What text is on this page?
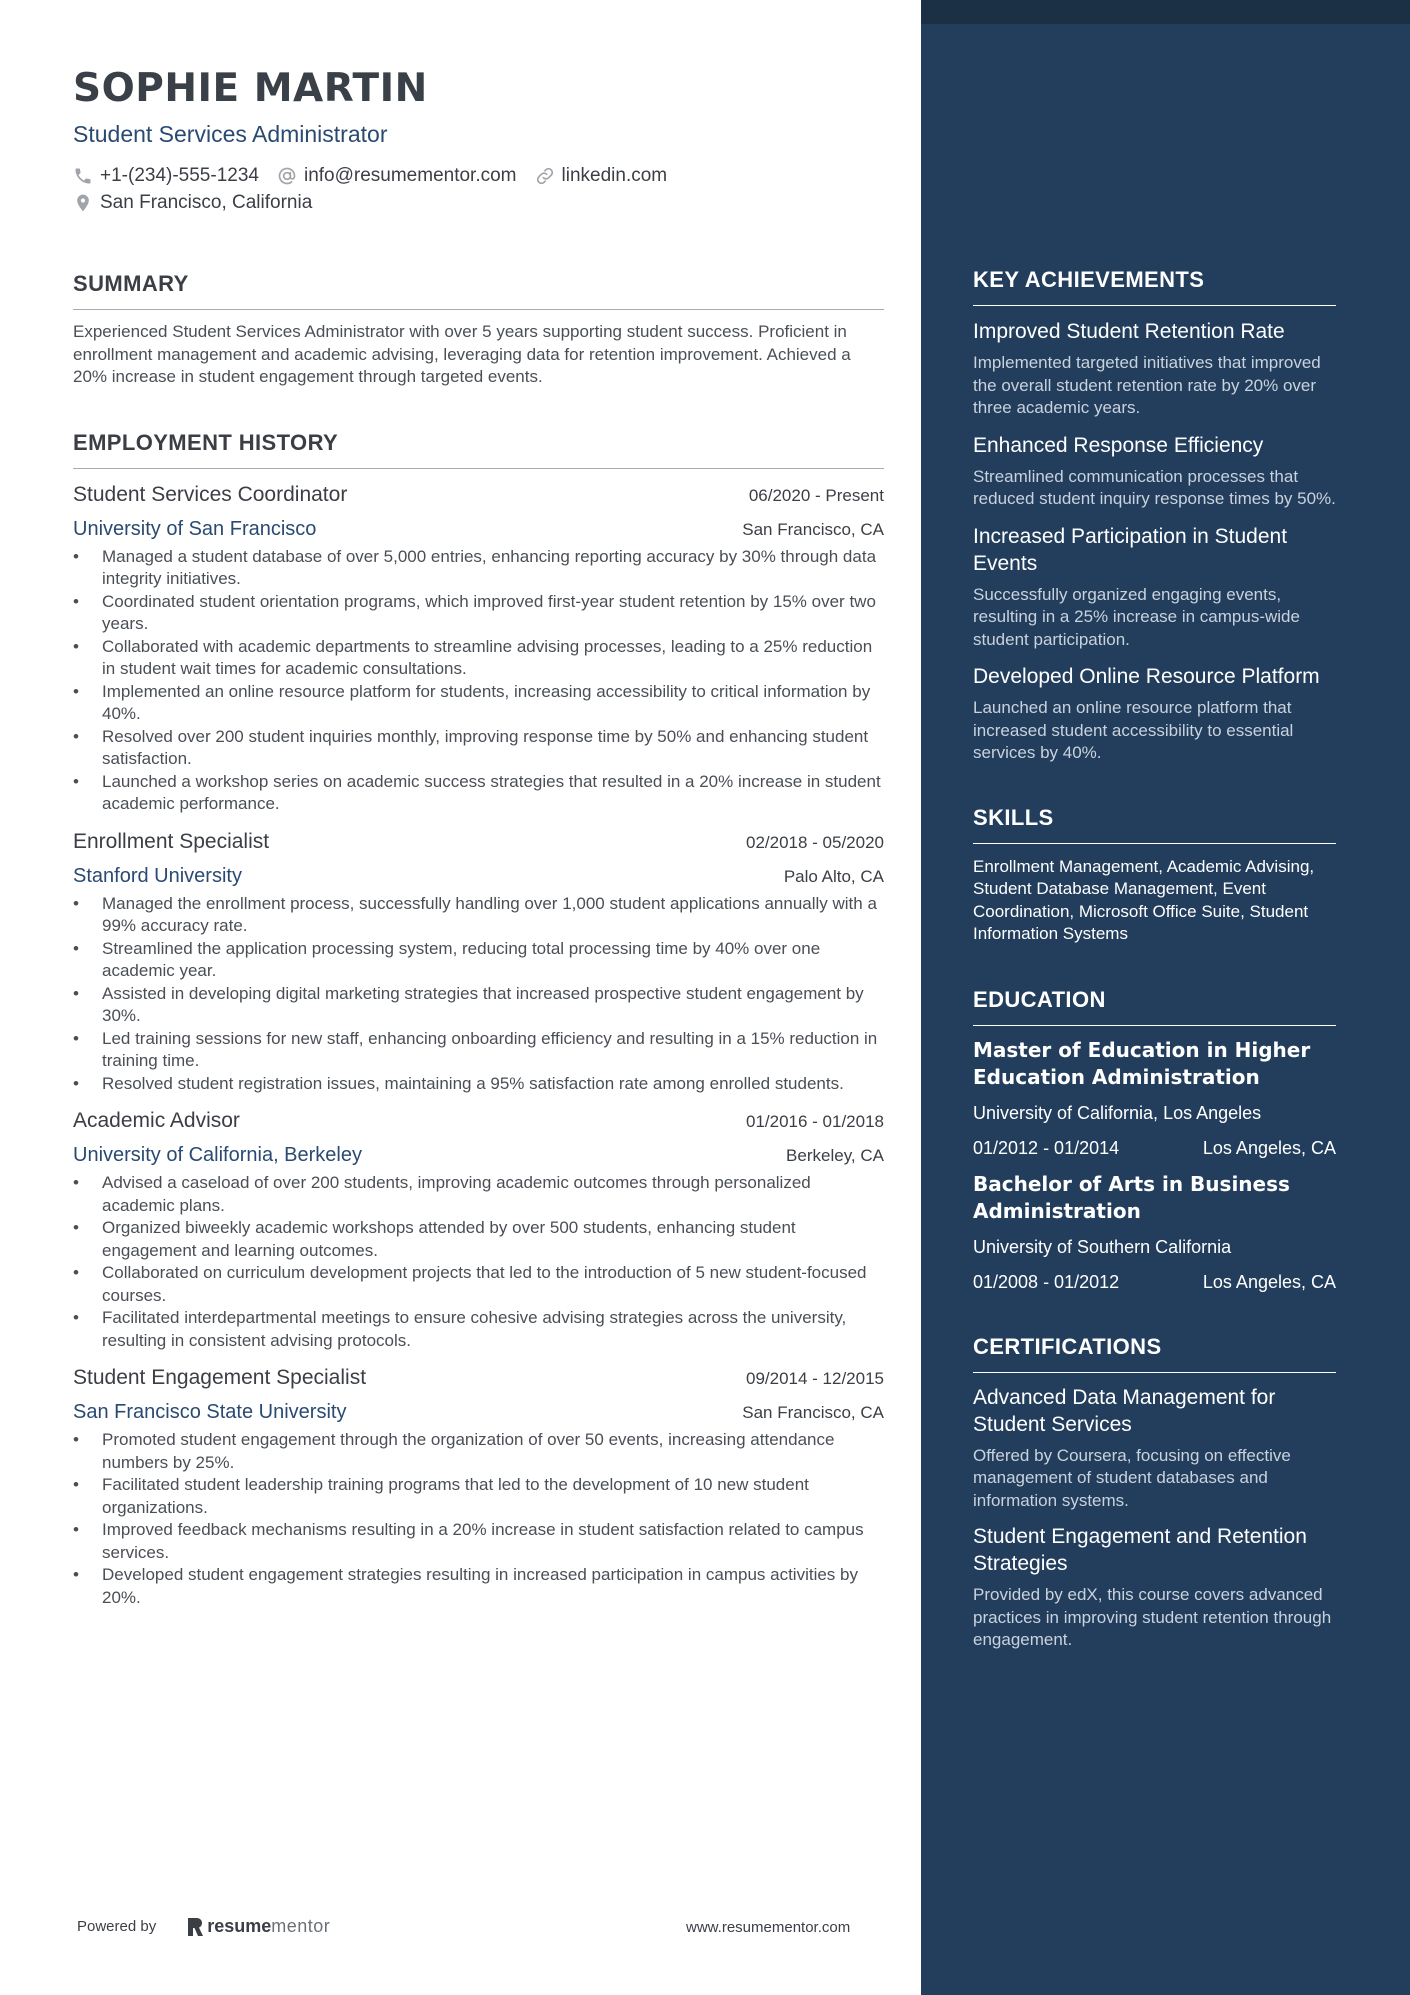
SOPHIE MARTIN
Student Services Administrator
+1-(234)-555-1234 info@resumementor.com linkedin.com
San Francisco, California
SUMMARY

Experienced Student Services Administrator with over 5 years supporting student success. Proficient in enrollment management and academic advising, leveraging data for retention improvement. Achieved a 20% increase in student engagement through targeted events.

EMPLOYMENT HISTORY
Student Services Coordinator	06/2020 - Present
University of San Francisco	San Francisco, CA
• Managed a student database of over 5,000 entries, enhancing reporting accuracy by 30% through data integrity initiatives.
• Coordinated student orientation programs, which improved first-year student retention by 15% over two years.
• Collaborated with academic departments to streamline advising processes, leading to a 25% reduction in student wait times for academic consultations.
• Implemented an online resource platform for students, increasing accessibility to critical information by 40%.
• Resolved over 200 student inquiries monthly, improving response time by 50% and enhancing student satisfaction.
• Launched a workshop series on academic success strategies that resulted in a 20% increase in student academic performance.
Enrollment Specialist	02/2018 - 05/2020
Stanford University	Palo Alto, CA
• Managed the enrollment process, successfully handling over 1,000 student applications annually with a 99% accuracy rate.
• Streamlined the application processing system, reducing total processing time by 40% over one academic year.
• Assisted in developing digital marketing strategies that increased prospective student engagement by 30%.
• Led training sessions for new staff, enhancing onboarding efficiency and resulting in a 15% reduction in training time.
• Resolved student registration issues, maintaining a 95% satisfaction rate among enrolled students.
Academic Advisor	01/2016 - 01/2018
University of California, Berkeley	Berkeley, CA
• Advised a caseload of over 200 students, improving academic outcomes through personalized academic plans.
• Organized biweekly academic workshops attended by over 500 students, enhancing student engagement and learning outcomes.
• Collaborated on curriculum development projects that led to the introduction of 5 new student-focused courses.
• Facilitated interdepartmental meetings to ensure cohesive advising strategies across the university, resulting in consistent advising protocols.
Student Engagement Specialist	09/2014 - 12/2015
San Francisco State University	San Francisco, CA
• Promoted student engagement through the organization of over 50 events, increasing attendance numbers by 25%.
• Facilitated student leadership training programs that led to the development of 10 new student organizations.
• Improved feedback mechanisms resulting in a 20% increase in student satisfaction related to campus services.
• Developed student engagement strategies resulting in increased participation in campus activities by 20%.
Powered by	resume mentor	www.resumementor.com
KEY ACHIEVEMENTS
Improved Student Retention Rate
Implemented targeted initiatives that improved the overall student retention rate by 20% over three academic years.
Enhanced Response Efficiency
Streamlined communication processes that reduced student inquiry response times by 50%.
Increased Participation in Student Events
Successfully organized engaging events, resulting in a 25% increase in campus-wide student participation.
Developed Online Resource Platform
Launched an online resource platform that increased student accessibility to essential services by 40%.
SKILLS

Enrollment Management, Academic Advising, Student Database Management, Event Coordination, Microsoft Office Suite, Student Information Systems

EDUCATION
Master of Education in Higher Education Administration
University of California, Los Angeles
01/2012 - 01/2014	Los Angeles, CA
Bachelor of Arts in Business Administration
University of Southern California
01/2008 - 01/2012	Los Angeles, CA
CERTIFICATIONS
Advanced Data Management for Student Services
Offered by Coursera, focusing on effective management of student databases and information systems.
Student Engagement and Retention Strategies
Provided by edX, this course covers advanced practices in improving student retention through engagement.
